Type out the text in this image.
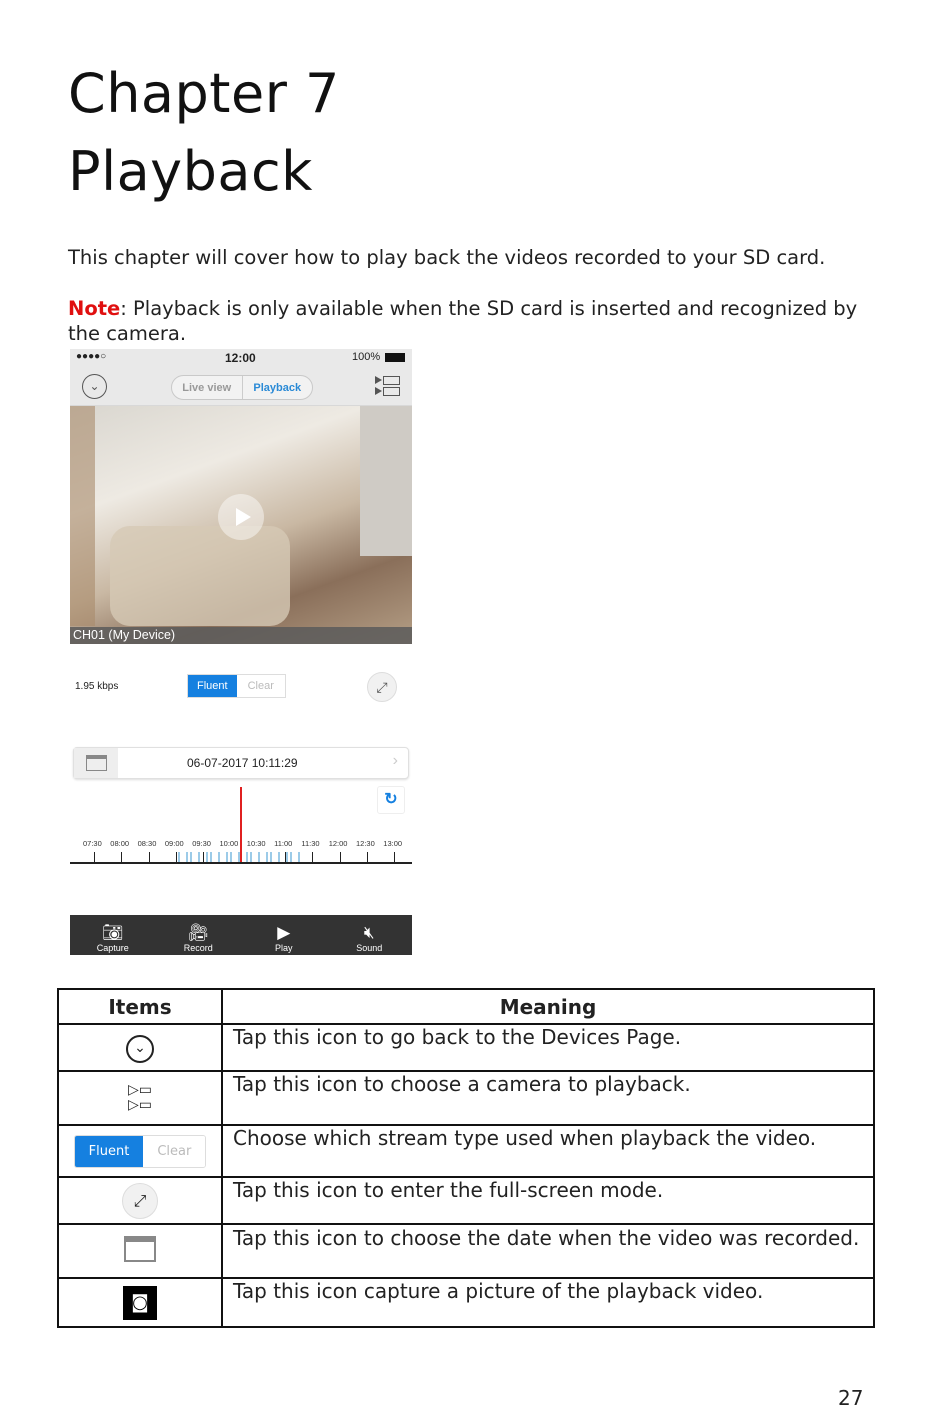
Chapter 7
Playback
This chapter will cover how to play back the videos recorded to your SD card.
Note: Playback is only available when the SD card is inserted and recognized by the camera.
●●●●○	12:00	100%
⌄	Live view	Playback
CH01 (My Device)
1.95 kbps	Fluent	Clear	⤢
06-07-2017 10:11:29	›
↻
07:30 08:00 08:30 09:00 09:30 10:00 10:30 11:00 11:30 12:00 12:30 13:00
📷︎
Capture
🎥︎
Record
▶
Play
🔇︎
Sound
Items	Meaning
⌄	Tap this icon to go back to the Devices Page.
▷▭
▷▭	Tap this icon to choose a camera to playback.

Fluent Clear	Choose which stream type used when playback the video.
⤢	Tap this icon to enter the full-screen mode.
	Tap this icon to choose the date when the video was recorded.
◙	Tap this icon capture a picture of the playback video.
27
